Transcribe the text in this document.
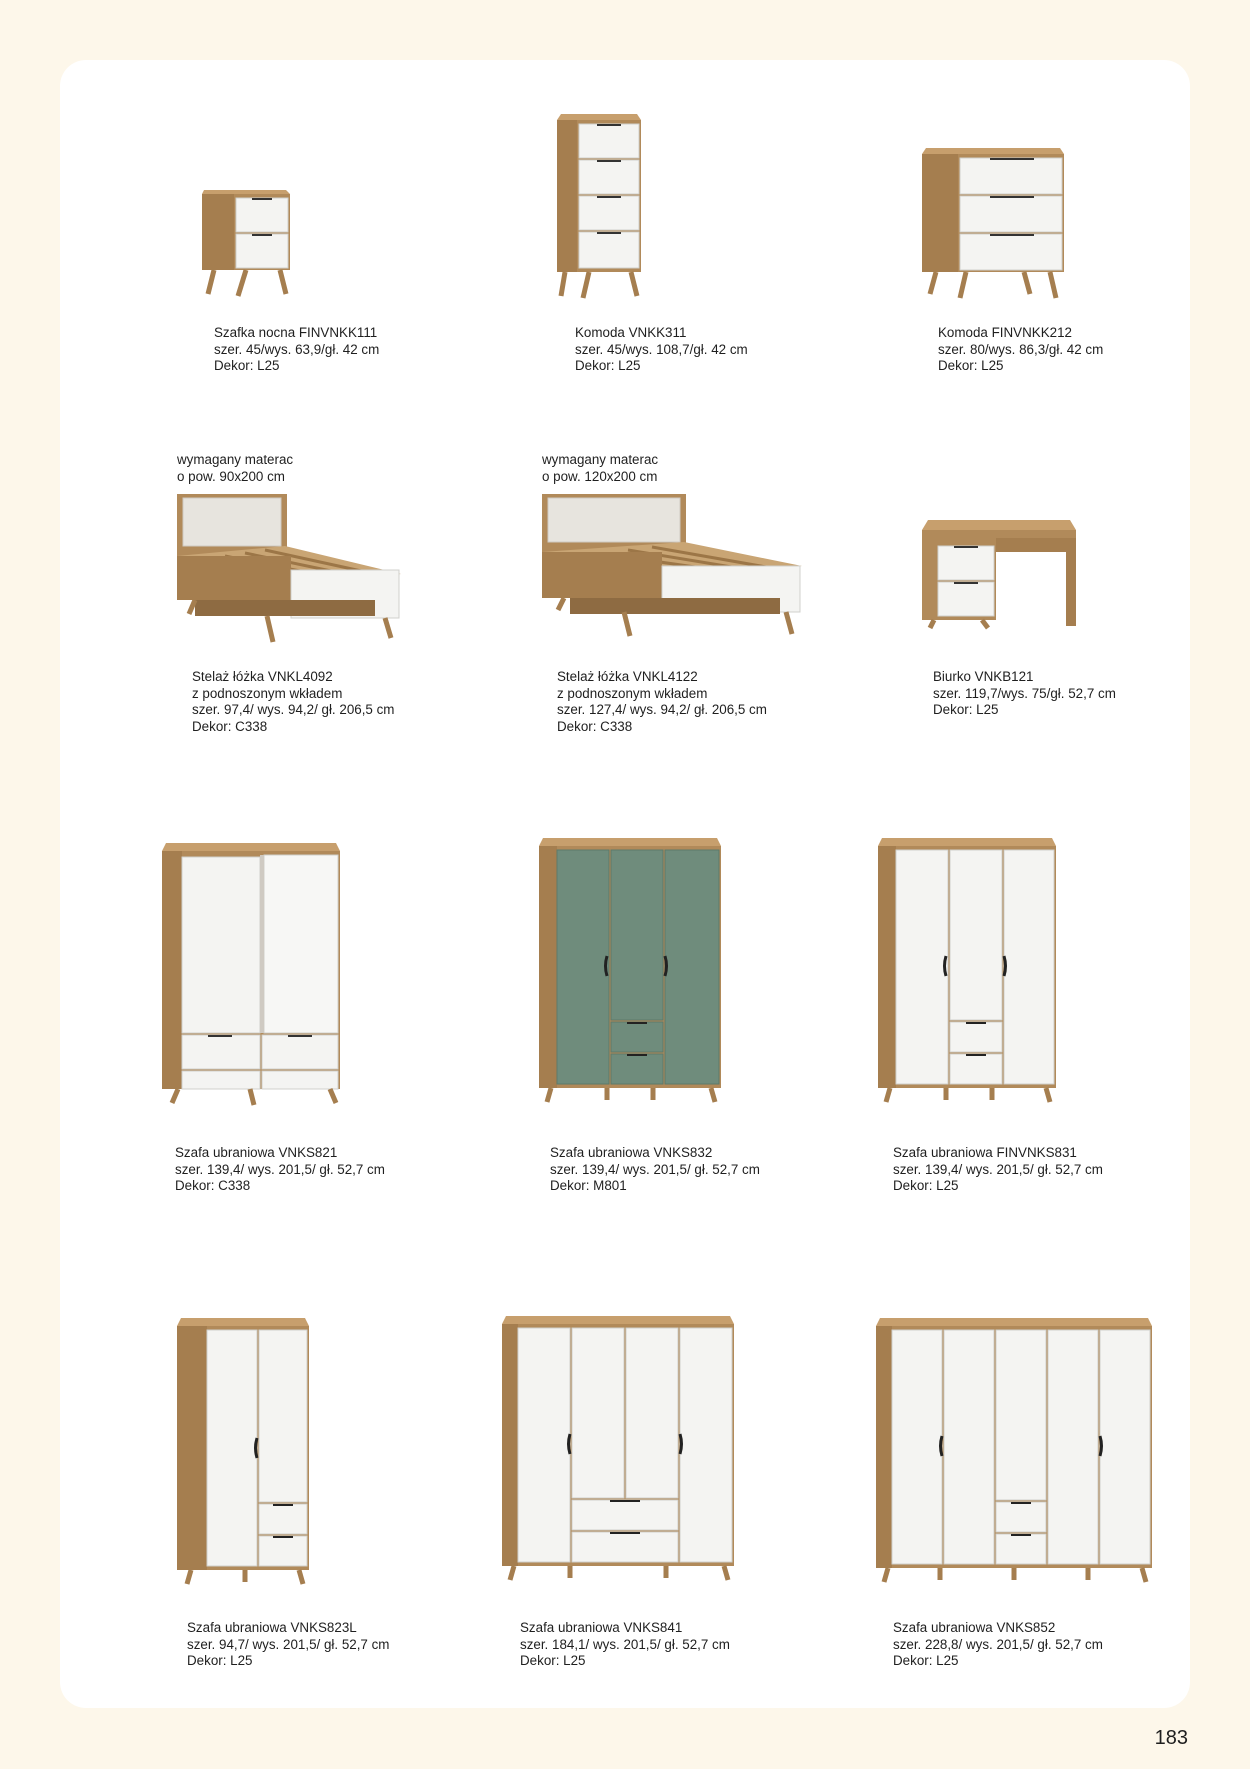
Szafka nocna FINVNKK111
szer. 45/wys. 63,9/gł. 42 cm
Dekor: L25
Komoda VNKK311
szer. 45/wys. 108,7/gł. 42 cm
Dekor: L25
Komoda FINVNKK212
szer. 80/wys. 86,3/gł. 42 cm
Dekor: L25
wymagany materac
o pow. 90x200 cm
Stelaż łóżka VNKL4092
z podnoszonym wkładem
szer. 97,4/ wys. 94,2/ gł. 206,5 cm
Dekor: C338
wymagany materac
o pow. 120x200 cm
Stelaż łóżka VNKL4122
z podnoszonym wkładem
szer. 127,4/ wys. 94,2/ gł. 206,5 cm
Dekor: C338
Biurko VNKB121
szer. 119,7/wys. 75/gł. 52,7 cm
Dekor: L25
Szafa ubraniowa VNKS821
szer. 139,4/ wys. 201,5/ gł. 52,7 cm
Dekor: C338
Szafa ubraniowa VNKS832
szer. 139,4/ wys. 201,5/ gł. 52,7 cm
Dekor: M801
Szafa ubraniowa FINVNKS831
szer. 139,4/ wys. 201,5/ gł. 52,7 cm
Dekor: L25
Szafa ubraniowa VNKS823L
szer. 94,7/ wys. 201,5/ gł. 52,7 cm
Dekor: L25
Szafa ubraniowa VNKS841
szer. 184,1/ wys. 201,5/ gł. 52,7 cm
Dekor: L25
Szafa ubraniowa VNKS852
szer. 228,8/ wys. 201,5/ gł. 52,7 cm
Dekor: L25
183
